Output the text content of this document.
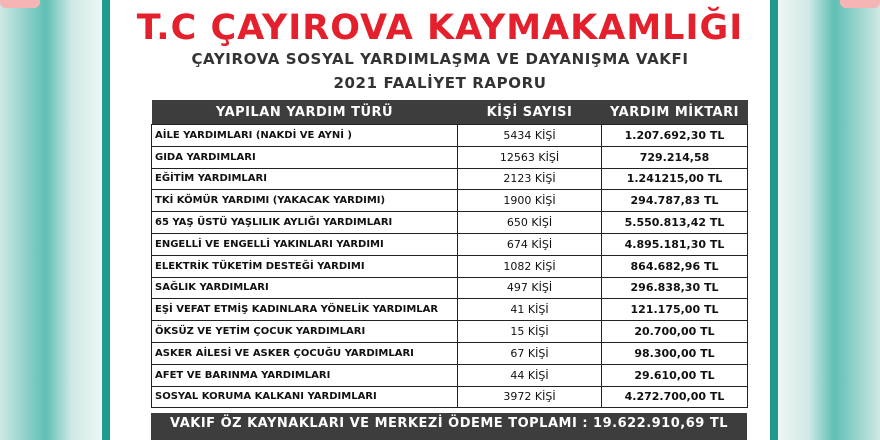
T.C ÇAYIROVA KAYMAKAMLIĞI
ÇAYIROVA SOSYAL YARDIMLAŞMA VE DAYANIŞMA VAKFI
2021 FAALİYET RAPORU
YAPILAN YARDIM TÜRÜ	KİŞİ SAYISI	YARDIM MİKTARI
AİLE YARDIMLARI (NAKDİ VE AYNİ )	5434 KİŞİ	1.207.692,30 TL
GIDA YARDIMLARI	12563 KİŞİ	729.214,58
EĞİTİM YARDIMLARI	2123 KİŞİ	1.241215,00 TL
TKİ KÖMÜR YARDIMI (YAKACAK YARDIMI)	1900 KİŞİ	294.787,83 TL
65 YAŞ ÜSTÜ YAŞLILIK AYLIĞI YARDIMLARI	650 KİŞİ	5.550.813,42 TL
ENGELLİ VE ENGELLİ YAKINLARI YARDIMI	674 KİŞİ	4.895.181,30 TL
ELEKTRİK TÜKETİM DESTEĞİ YARDIMI	1082 KİŞİ	864.682,96 TL
SAĞLIK YARDIMLARI	497 KİŞİ	296.838,30 TL
EŞİ VEFAT ETMİŞ KADINLARA YÖNELİK YARDIMLAR	41 KİŞİ	121.175,00 TL
ÖKSÜZ VE YETİM ÇOCUK YARDIMLARI	15 KİŞİ	20.700,00 TL
ASKER AİLESİ VE ASKER ÇOCUĞU YARDIMLARI	67 KİŞİ	98.300,00 TL
AFET VE BARINMA YARDIMLARI	44 KİŞİ	29.610,00 TL
SOSYAL KORUMA KALKANI YARDIMLARI	3972 KİŞİ	4.272.700,00 TL
VAKIF ÖZ KAYNAKLARI VE MERKEZİ ÖDEME TOPLAMI : 19.622.910,69 TL
